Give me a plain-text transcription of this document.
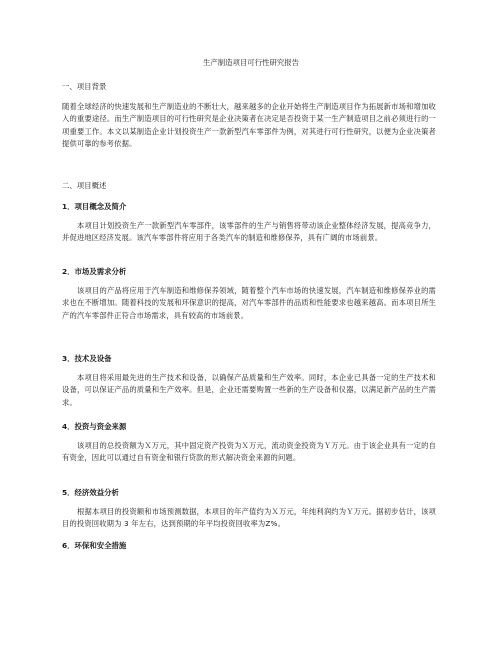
生产制造项目可行性研究报告
一、项目背景
随着全球经济的快速发展和生产制造业的不断壮大，越来越多的企业开始将生产制造项目作为拓展新市场和增加收入的重要途径。而生产制造项目的可行性研究是企业决策者在决定是否投资于某一生产制造项目之前必须进行的一项重要工作。本文以某制造企业计划投资生产一款新型汽车零部件为例，对其进行可行性研究，以便为企业决策者提供可靠的参考依据。
二、项目概述
1．项目概念及简介
本项目计划投资生产一款新型汽车零部件，该零部件的生产与销售将带动该企业整体经济发展，提高竞争力，并促进地区经济发展。该汽车零部件将应用于各类汽车的制造和维修保养，具有广阔的市场前景。
2．市场及需求分析
该项目的产品将应用于汽车制造和维修保养领域，随着整个汽车市场的快速发展，汽车制造和维修保养业的需求也在不断增加。随着科技的发展和环保意识的提高，对汽车零部件的品质和性能要求也越来越高。而本项目所生产的汽车零部件正符合市场需求，具有较高的市场前景。
3．技术及设备
本项目将采用最先进的生产技术和设备，以确保产品质量和生产效率。同时，本企业已具备一定的生产技术和设备，可以保证产品的质量和生产效率。但是，企业还需要购置一些新的生产设备和仪器，以满足新产品的生产需求。
4．投资与资金来源
该项目的总投资额为Ｘ万元，其中固定资产投资为Ｘ万元，流动资金投资为Ｙ万元。由于该企业具有一定的自有资金，因此可以通过自有资金和银行贷款的形式解决资金来源的问题。
5．经济效益分析
根据本项目的投资额和市场预测数据，本项目的年产值约为Ｘ万元，年纯利润约为Ｙ万元。据初步估计，该项目的投资回收期为 3 年左右，达到预期的年平均投资回收率为Z%。
6．环保和安全措施
